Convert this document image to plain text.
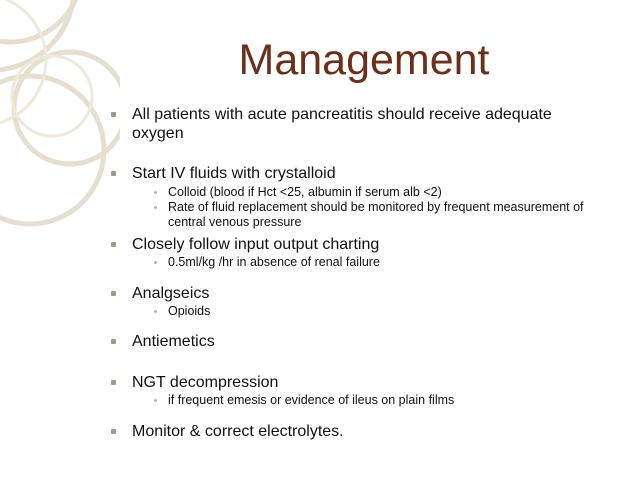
Management
All patients with acute pancreatitis should receive adequate oxygen
Start IV fluids with crystalloid
Colloid (blood if Hct <25, albumin if serum alb <2)
Rate of fluid replacement should be monitored by frequent measurement of central venous pressure
Closely follow input output charting
0.5ml/kg /hr in absence of renal failure
Analgseics
Opioids
Antiemetics
NGT decompression
if frequent emesis or evidence of ileus on plain films
Monitor & correct electrolytes.
